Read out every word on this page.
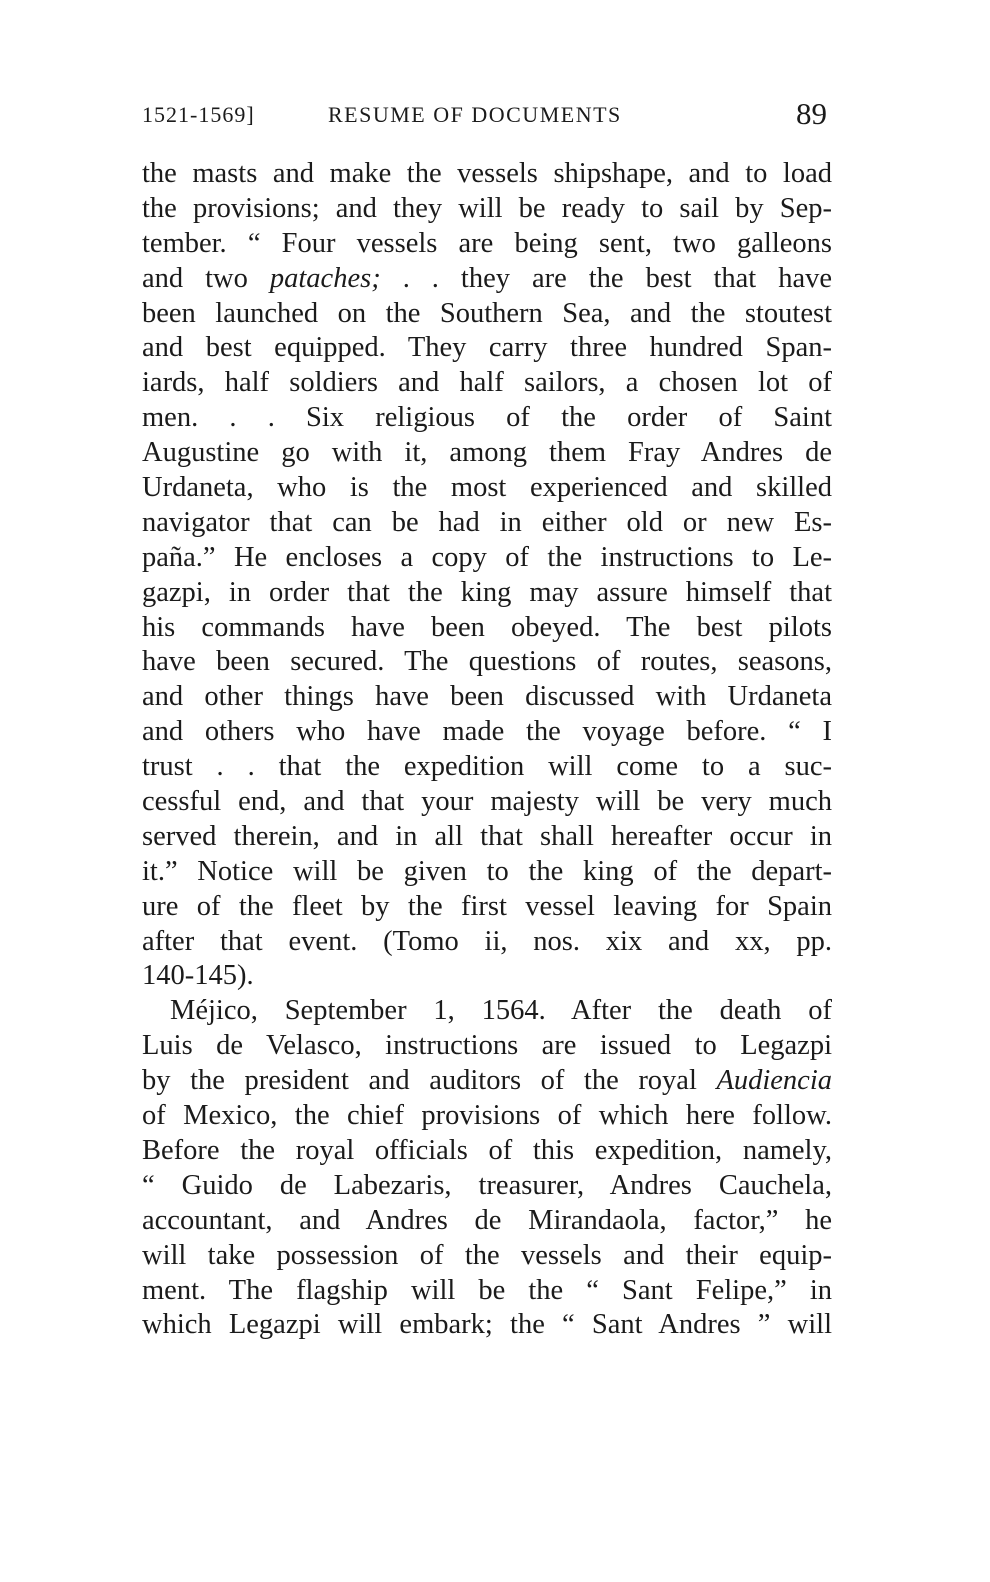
1521-1569]	RESUME OF DOCUMENTS	89
the masts and make the vessels shipshape, and to load
the provisions; and they will be ready to sail by Sep-
tember. “ Four vessels are being sent, two galleons
and two pataches; . . they are the best that have
been launched on the Southern Sea, and the stoutest
and best equipped. They carry three hundred Span-
iards, half soldiers and half sailors, a chosen lot of
men. . . Six religious of the order of Saint
Augustine go with it, among them Fray Andres de
Urdaneta, who is the most experienced and skilled
navigator that can be had in either old or new Es-
paña.” He encloses a copy of the instructions to Le-
gazpi, in order that the king may assure himself that
his commands have been obeyed. The best pilots
have been secured. The questions of routes, seasons,
and other things have been discussed with Urdaneta
and others who have made the voyage before. “ I
trust . . that the expedition will come to a suc-
cessful end, and that your majesty will be very much
served therein, and in all that shall hereafter occur in
it.” Notice will be given to the king of the depart-
ure of the fleet by the first vessel leaving for Spain
after that event. (Tomo ii, nos. xix and xx, pp.
140-145).
Méjico, September 1, 1564. After the death of
Luis de Velasco, instructions are issued to Legazpi
by the president and auditors of the royal Audiencia
of Mexico, the chief provisions of which here follow.
Before the royal officials of this expedition, namely,
“ Guido de Labezaris, treasurer, Andres Cauchela,
accountant, and Andres de Mirandaola, factor,” he
will take possession of the vessels and their equip-
ment. The flagship will be the “ Sant Felipe,” in
which Legazpi will embark; the “ Sant Andres ” will
